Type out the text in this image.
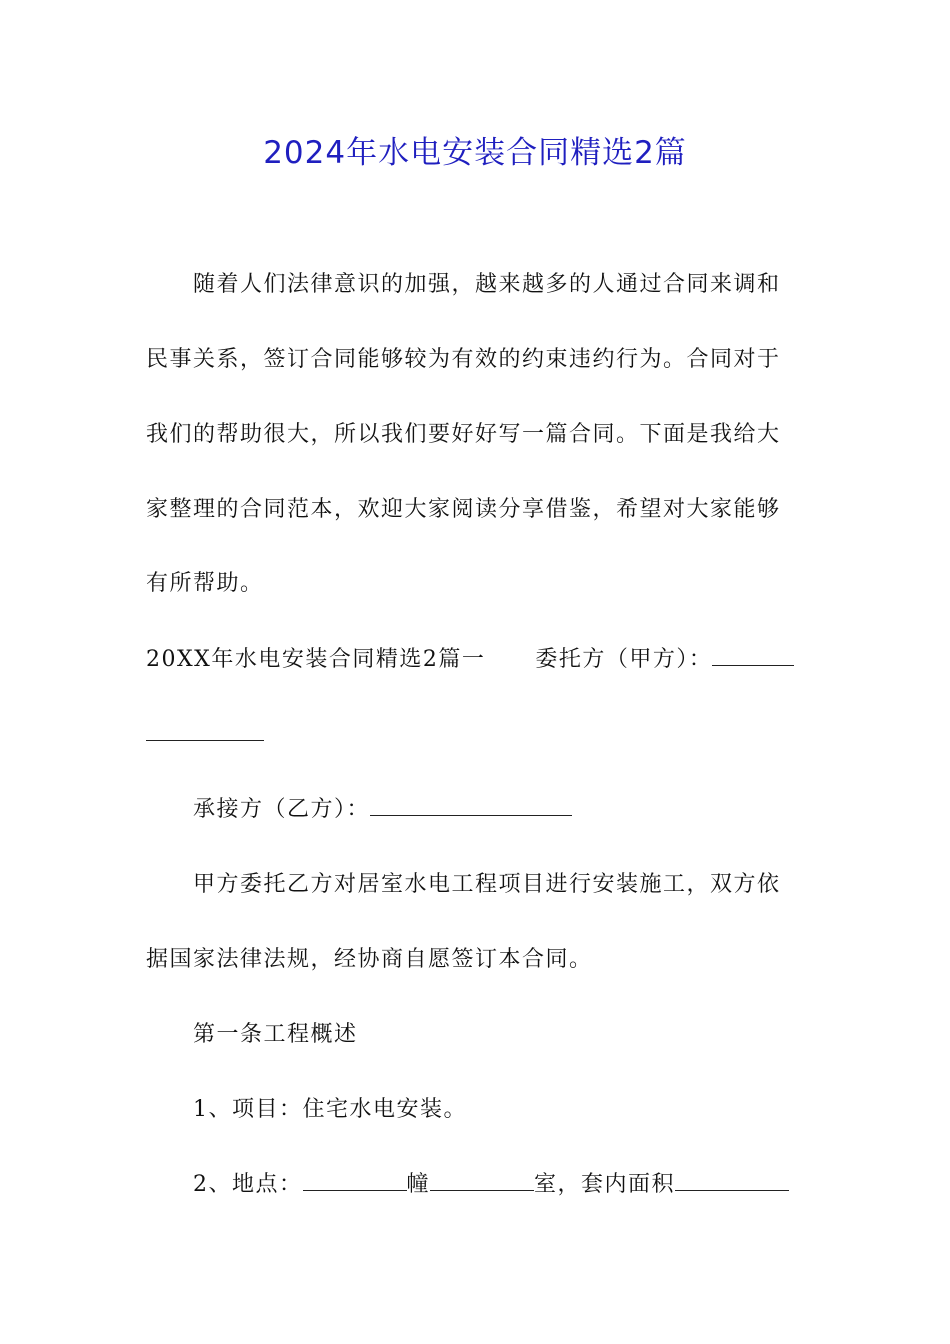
2024年水电安装合同精选2篇
随着人们法律意识的加强，越来越多的人通过合同来调和
民事关系，签订合同能够较为有效的约束违约行为。合同对于
我们的帮助很大，所以我们要好好写一篇合同。下面是我给大
家整理的合同范本，欢迎大家阅读分享借鉴，希望对大家能够
有所帮助。
20XX年水电安装合同精选2篇一 委托方（甲方）：
承接方（乙方）：
甲方委托乙方对居室水电工程项目进行安装施工，双方依
据国家法律法规，经协商自愿签订本合同。
第一条工程概述
1、项目：住宅水电安装。
2、地点：	幢	室，套内面积
